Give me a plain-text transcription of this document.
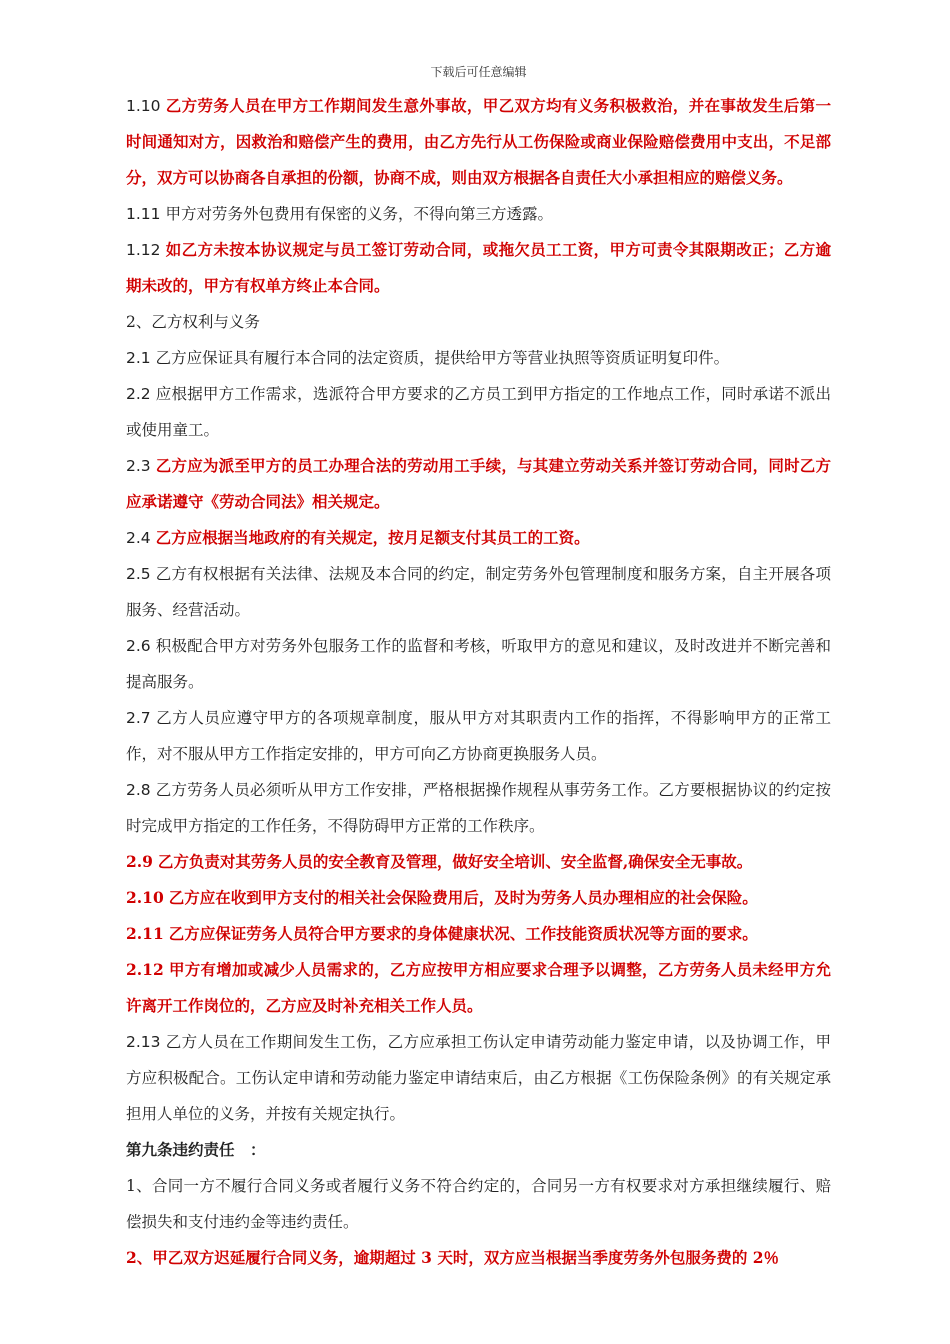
下载后可任意编辑

1.10 乙方劳务人员在甲方工作期间发生意外事故，甲乙双方均有义务积极救治，并在事故发生后第一时间通知对方，因救治和赔偿产生的费用，由乙方先行从工伤保险或商业保险赔偿费用中支出，不足部分，双方可以协商各自承担的份额，协商不成，则由双方根据各自责任大小承担相应的赔偿义务。

1.11 甲方对劳务外包费用有保密的义务，不得向第三方透露。

1.12 如乙方未按本协议规定与员工签订劳动合同，或拖欠员工工资，甲方可责令其限期改正；乙方逾期未改的，甲方有权单方终止本合同。

2、乙方权利与义务

2.1 乙方应保证具有履行本合同的法定资质，提供给甲方等营业执照等资质证明复印件。

2.2 应根据甲方工作需求，选派符合甲方要求的乙方员工到甲方指定的工作地点工作，同时承诺不派出或使用童工。

2.3 乙方应为派至甲方的员工办理合法的劳动用工手续，与其建立劳动关系并签订劳动合同，同时乙方应承诺遵守《劳动合同法》相关规定。

2.4 乙方应根据当地政府的有关规定，按月足额支付其员工的工资。

2.5 乙方有权根据有关法律、法规及本合同的约定，制定劳务外包管理制度和服务方案，自主开展各项服务、经营活动。

2.6 积极配合甲方对劳务外包服务工作的监督和考核，听取甲方的意见和建议，及时改进并不断完善和提高服务。

2.7 乙方人员应遵守甲方的各项规章制度，服从甲方对其职责内工作的指挥，不得影响甲方的正常工作，对不服从甲方工作指定安排的，甲方可向乙方协商更换服务人员。

2.8 乙方劳务人员必须听从甲方工作安排，严格根据操作规程从事劳务工作。乙方要根据协议的约定按时完成甲方指定的工作任务，不得防碍甲方正常的工作秩序。

2.9 乙方负责对其劳务人员的安全教育及管理，做好安全培训、安全监督,确保安全无事故。

2.10 乙方应在收到甲方支付的相关社会保险费用后，及时为劳务人员办理相应的社会保险。

2.11 乙方应保证劳务人员符合甲方要求的身体健康状况、工作技能资质状况等方面的要求。

2.12 甲方有增加或减少人员需求的，乙方应按甲方相应要求合理予以调整，乙方劳务人员未经甲方允许离开工作岗位的，乙方应及时补充相关工作人员。

2.13 乙方人员在工作期间发生工伤，乙方应承担工伤认定申请劳动能力鉴定申请，以及协调工作，甲方应积极配合。工伤认定申请和劳动能力鉴定申请结束后，由乙方根据《工伤保险条例》的有关规定承担用人单位的义务，并按有关规定执行。

第九条违约责任　：

1、合同一方不履行合同义务或者履行义务不符合约定的，合同另一方有权要求对方承担继续履行、赔偿损失和支付违约金等违约责任。

2、甲乙双方迟延履行合同义务，逾期超过 3 天时，双方应当根据当季度劳务外包服务费的 2％
